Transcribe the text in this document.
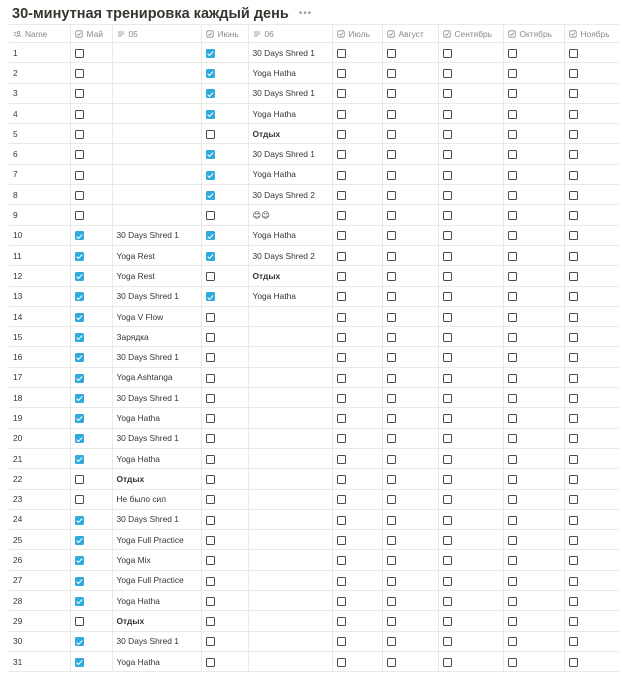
30-минутная тренировка каждый день •••
Name	Май	05	Июнь	06	Июль	Август	Сентябрь	Октябрь	Ноябрь
1				30 Days Shred 1					
2				Yoga Hatha					
3				30 Days Shred 1					
4				Yoga Hatha					
5				Отдых					
6				30 Days Shred 1					
7				Yoga Hatha					
8				30 Days Shred 2					
9				😊😉					
10		30 Days Shred 1		Yoga Hatha					
11		Yoga Rest		30 Days Shred 2					
12		Yoga Rest		Отдых					
13		30 Days Shred 1		Yoga Hatha					
14		Yoga V Flow							
15		Зарядка							
16		30 Days Shred 1							
17		Yoga Ashtanga							
18		30 Days Shred 1							
19		Yoga Hatha							
20		30 Days Shred 1							
21		Yoga Hatha							
22		Отдых							
23		Не было сил							
24		30 Days Shred 1							
25		Yoga Full Practice							
26		Yoga Mix							
27		Yoga Full Practice							
28		Yoga Hatha							
29		Отдых							
30		30 Days Shred 1							
31		Yoga Hatha							
